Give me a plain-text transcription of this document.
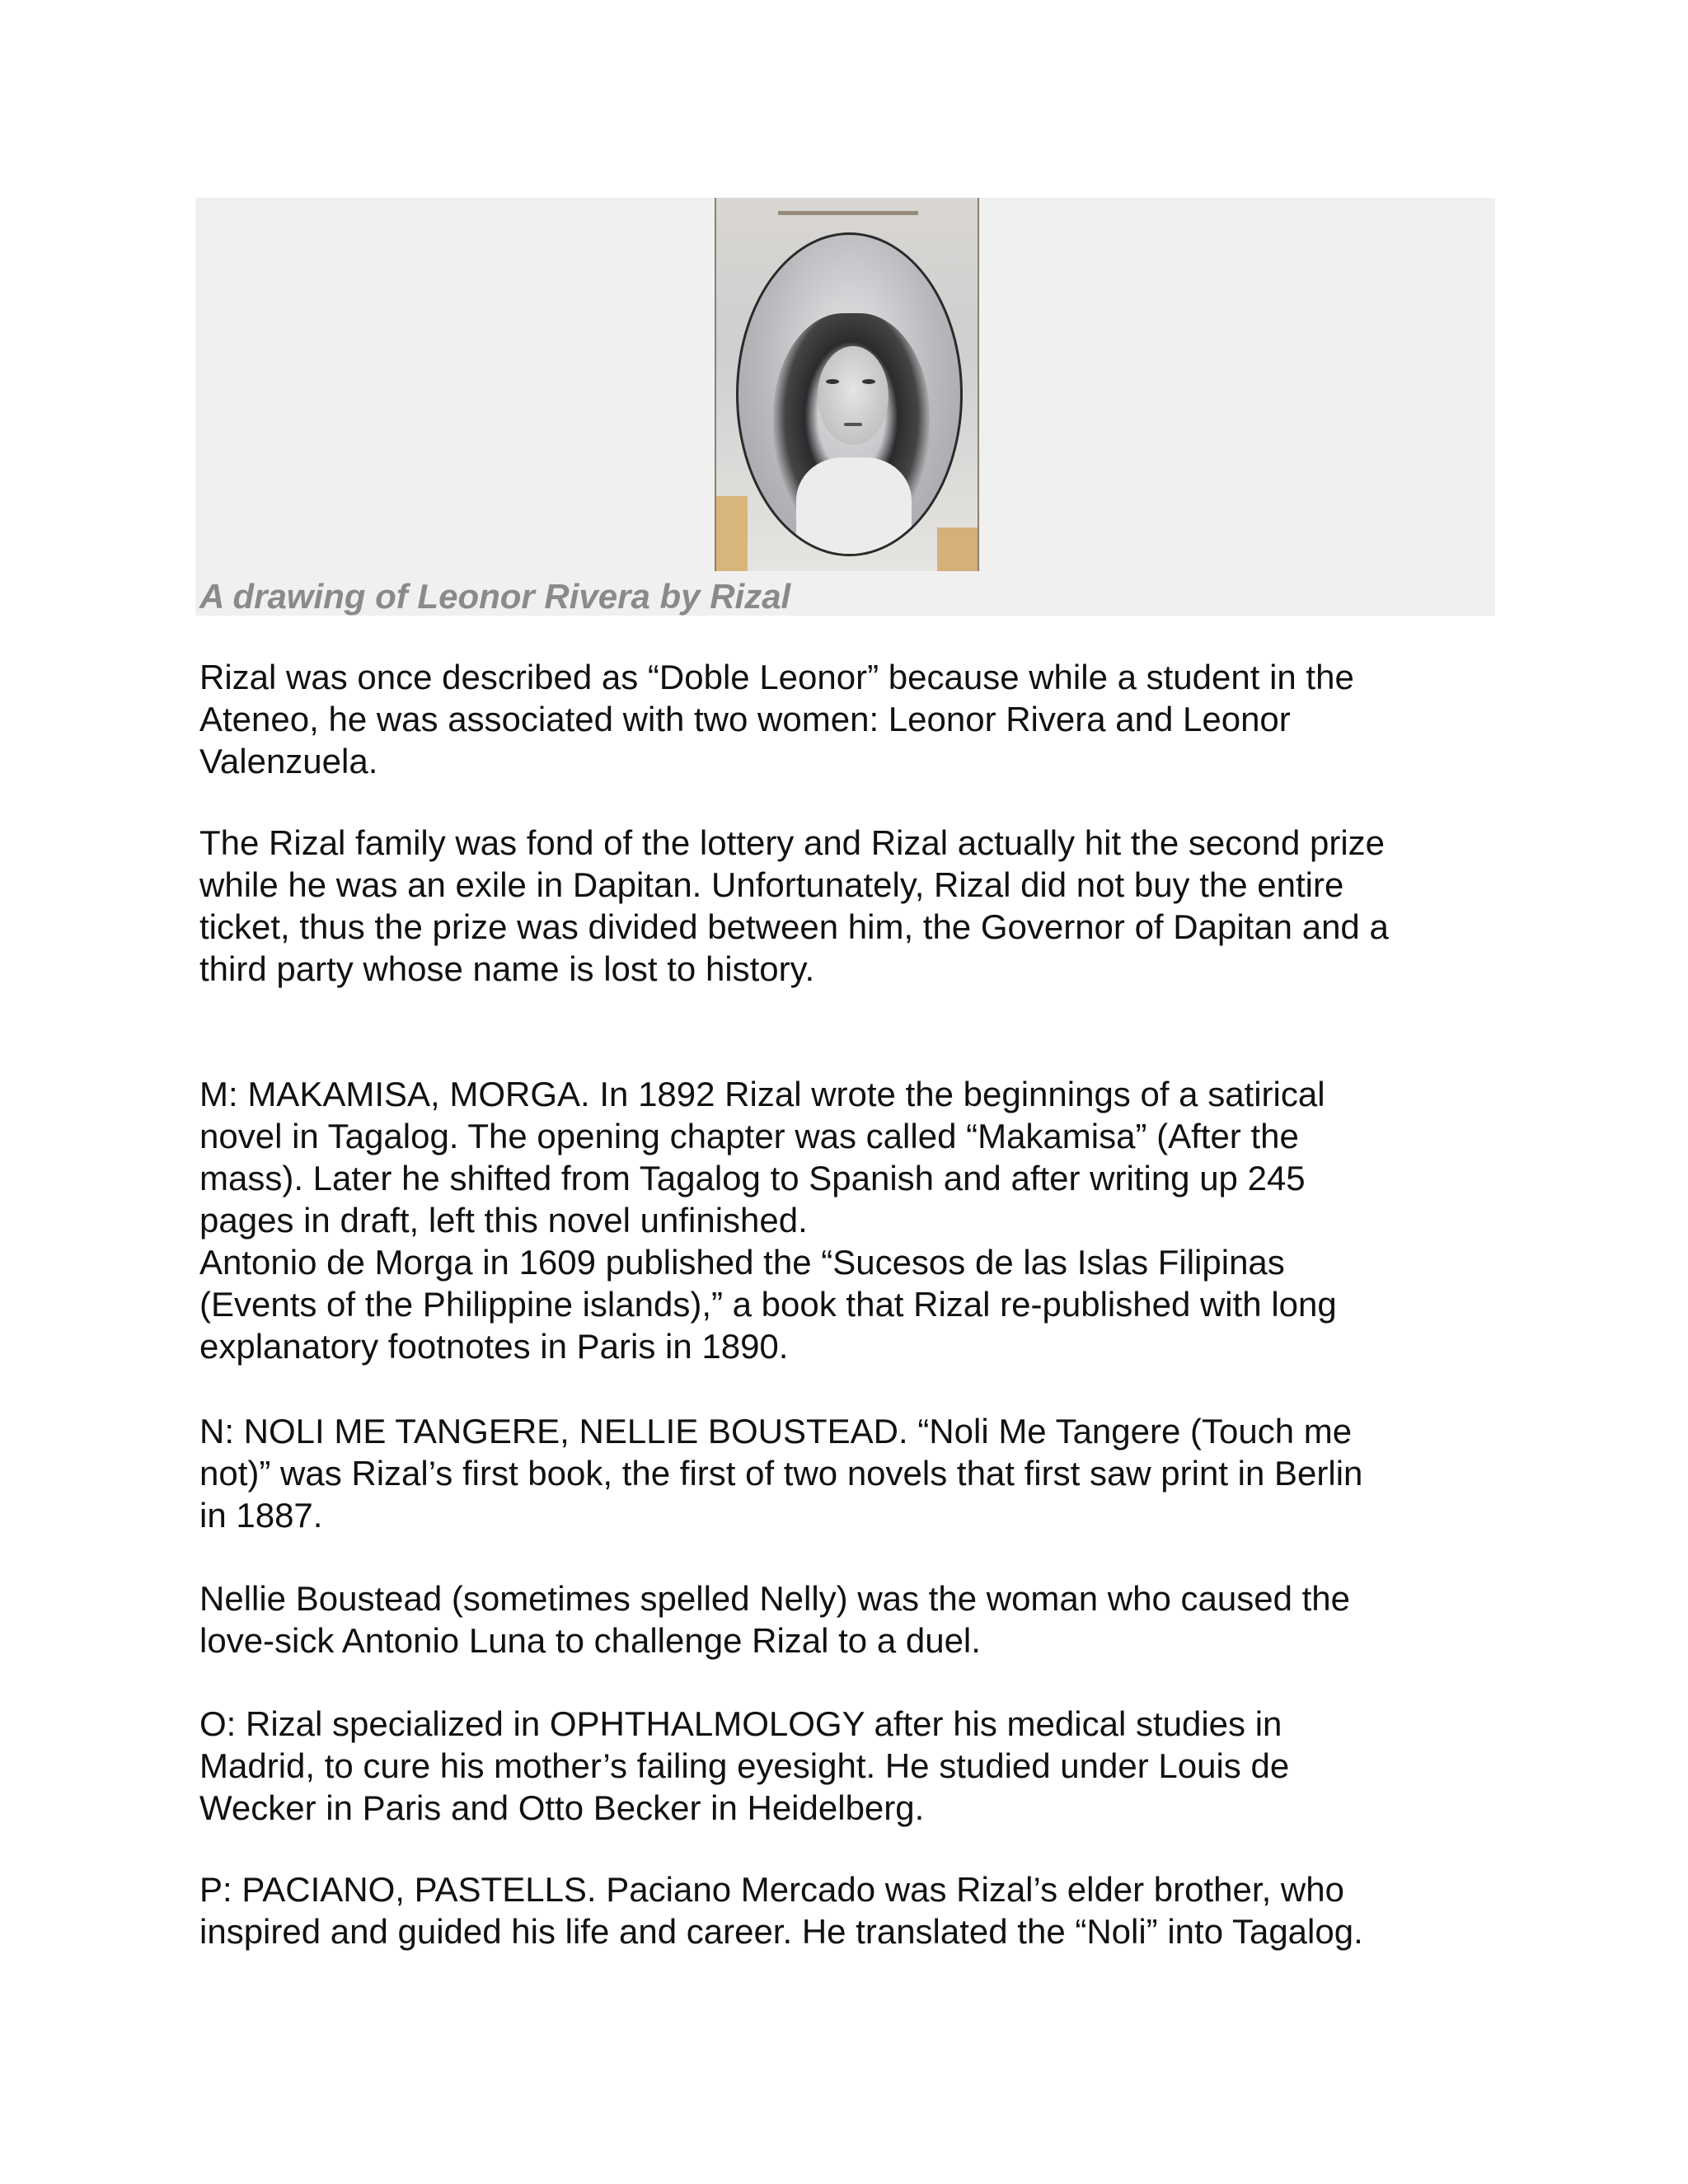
A drawing of Leonor Rivera by Rizal
Rizal was once described as “Doble Leonor” because while a student in the
Ateneo, he was associated with two women: Leonor Rivera and Leonor
Valenzuela.
The Rizal family was fond of the lottery and Rizal actually hit the second prize
while he was an exile in Dapitan. Unfortunately, Rizal did not buy the entire
ticket, thus the prize was divided between him, the Governor of Dapitan and a
third party whose name is lost to history.
M: MAKAMISA, MORGA. In 1892 Rizal wrote the beginnings of a satirical
novel in Tagalog. The opening chapter was called “Makamisa” (After the
mass). Later he shifted from Tagalog to Spanish and after writing up 245
pages in draft, left this novel unfinished.
Antonio de Morga in 1609 published the “Sucesos de las Islas Filipinas
(Events of the Philippine islands),” a book that Rizal re-published with long
explanatory footnotes in Paris in 1890.
N: NOLI ME TANGERE, NELLIE BOUSTEAD. “Noli Me Tangere (Touch me
not)” was Rizal’s first book, the first of two novels that first saw print in Berlin
in 1887.
Nellie Boustead (sometimes spelled Nelly) was the woman who caused the
love-sick Antonio Luna to challenge Rizal to a duel.
O: Rizal specialized in OPHTHALMOLOGY after his medical studies in
Madrid, to cure his mother’s failing eyesight. He studied under Louis de
Wecker in Paris and Otto Becker in Heidelberg.
P: PACIANO, PASTELLS. Paciano Mercado was Rizal’s elder brother, who
inspired and guided his life and career. He translated the “Noli” into Tagalog.
